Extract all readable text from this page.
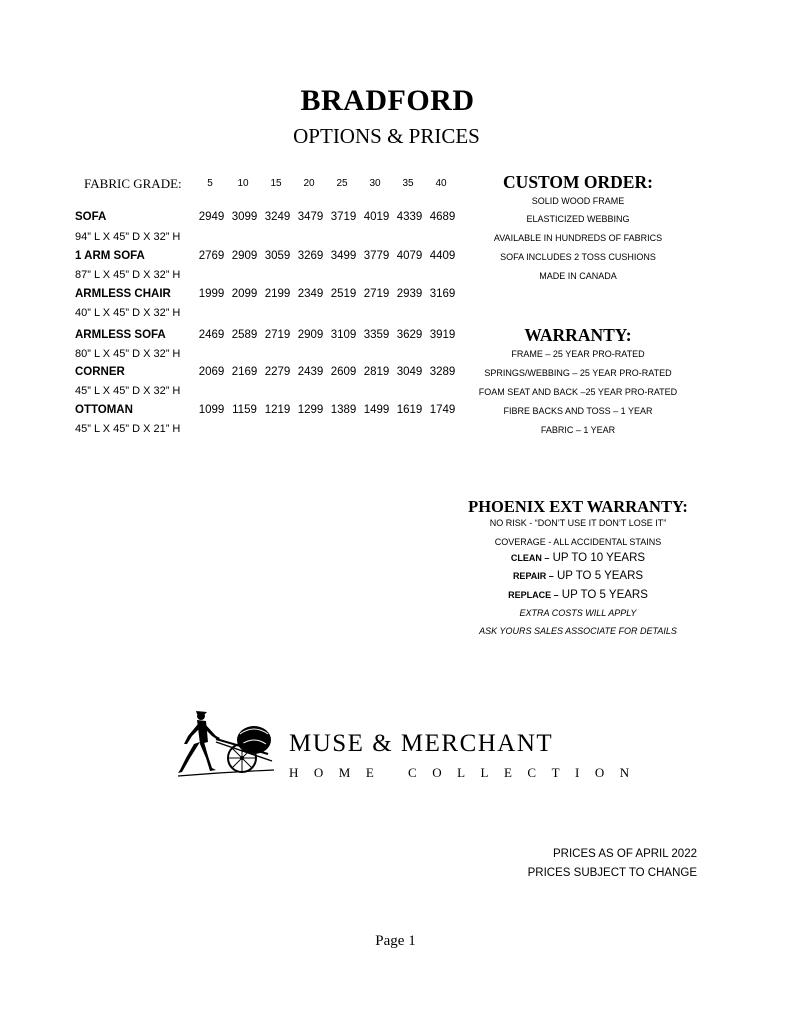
BRADFORD
OPTIONS & PRICES
FABRIC GRADE:	5	10	15	20	25	30	35	40
SOFA	2949 3099 3249 3479 3719 4019 4339 4689
94” L X 45” D X 32” H
1 ARM SOFA	2769 2909 3059 3269 3499 3779 4079 4409
87” L X 45” D X 32” H
ARMLESS CHAIR	1999 2099 2199 2349 2519 2719 2939 3169
40” L X 45” D X 32” H
ARMLESS SOFA	2469 2589 2719 2909 3109 3359 3629 3919
80” L X 45” D X 32” H
CORNER	2069 2169 2279 2439 2609 2819 3049 3289
45” L X 45” D X 32” H
OTTOMAN	1099 1159 1219 1299 1389 1499 1619 1749
45” L X 45” D X 21” H
CUSTOM ORDER:
SOLID WOOD FRAME
ELASTICIZED WEBBING
AVAILABLE IN HUNDREDS OF FABRICS
SOFA INCLUDES 2 TOSS CUSHIONS
MADE IN CANADA
WARRANTY:
FRAME – 25 YEAR PRO-RATED
SPRINGS/WEBBING – 25 YEAR PRO-RATED
FOAM SEAT AND BACK –25 YEAR PRO-RATED
FIBRE BACKS AND TOSS – 1 YEAR
FABRIC – 1 YEAR
PHOENIX EXT WARRANTY:
NO RISK - “DON’T USE IT DON’T LOSE IT”
COVERAGE - ALL ACCIDENTAL STAINS
CLEAN – UP TO 10 YEARS
REPAIR – UP TO 5 YEARS
REPLACE – UP TO 5 YEARS
EXTRA COSTS WILL APPLY
ASK YOURS SALES ASSOCIATE FOR DETAILS
MUSE & MERCHANT
HOME COLLECTION
PRICES AS OF APRIL 2022
PRICES SUBJECT TO CHANGE
Page 1
